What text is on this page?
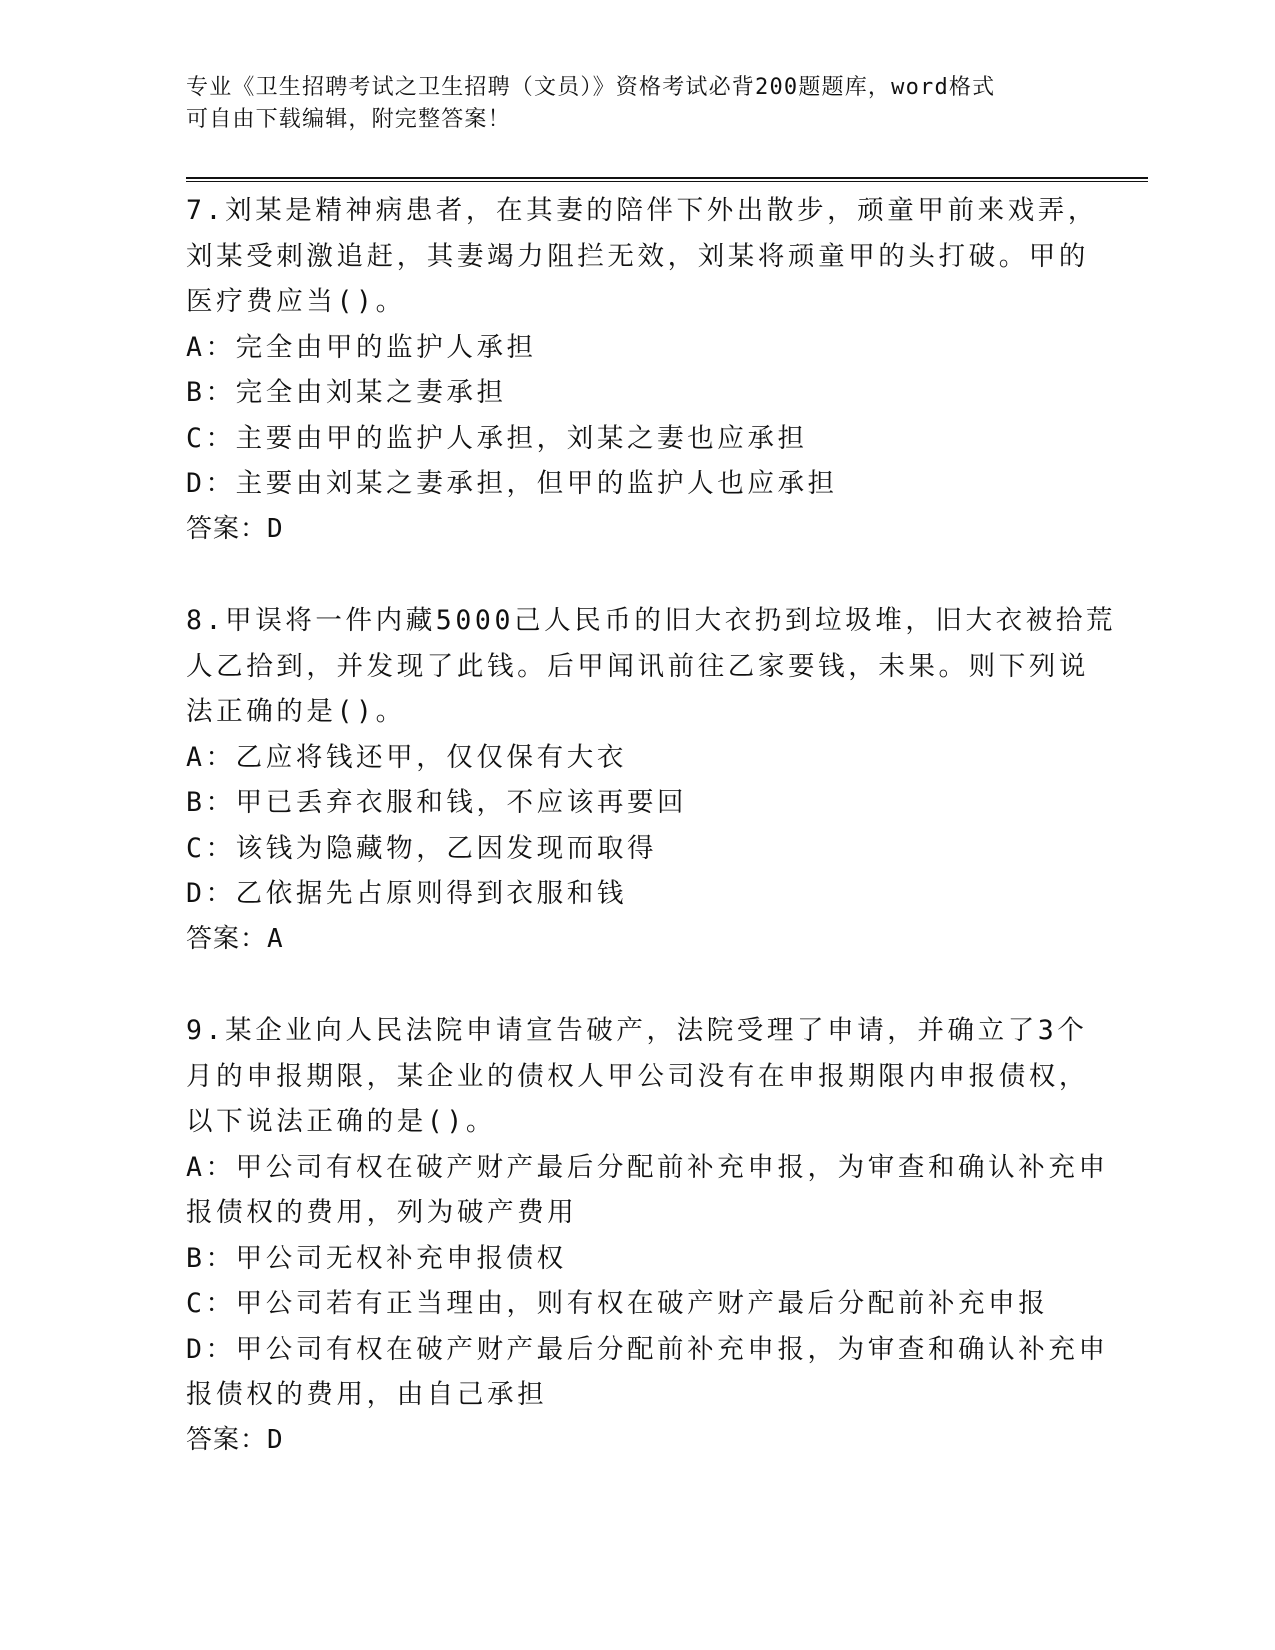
专业《卫生招聘考试之卫生招聘（文员）》资格考试必背200题题库，word格式
可自由下载编辑，附完整答案！
7.刘某是精神病患者，在其妻的陪伴下外出散步，顽童甲前来戏弄，
刘某受刺激追赶，其妻竭力阻拦无效，刘某将顽童甲的头打破。甲的
医疗费应当()。
A：完全由甲的监护人承担
B：完全由刘某之妻承担
C：主要由甲的监护人承担，刘某之妻也应承担
D：主要由刘某之妻承担，但甲的监护人也应承担
答案：D
8.甲误将一件内藏5000己人民币的旧大衣扔到垃圾堆，旧大衣被拾荒
人乙拾到，并发现了此钱。后甲闻讯前往乙家要钱，未果。则下列说
法正确的是()。
A：乙应将钱还甲，仅仅保有大衣
B：甲已丢弃衣服和钱，不应该再要回
C：该钱为隐藏物，乙因发现而取得
D：乙依据先占原则得到衣服和钱
答案：A
9.某企业向人民法院申请宣告破产，法院受理了申请，并确立了3个
月的申报期限，某企业的债权人甲公司没有在申报期限内申报债权，
以下说法正确的是()。
A：甲公司有权在破产财产最后分配前补充申报，为审查和确认补充申
报债权的费用，列为破产费用
B：甲公司无权补充申报债权
C：甲公司若有正当理由，则有权在破产财产最后分配前补充申报
D：甲公司有权在破产财产最后分配前补充申报，为审查和确认补充申
报债权的费用，由自己承担
答案：D
